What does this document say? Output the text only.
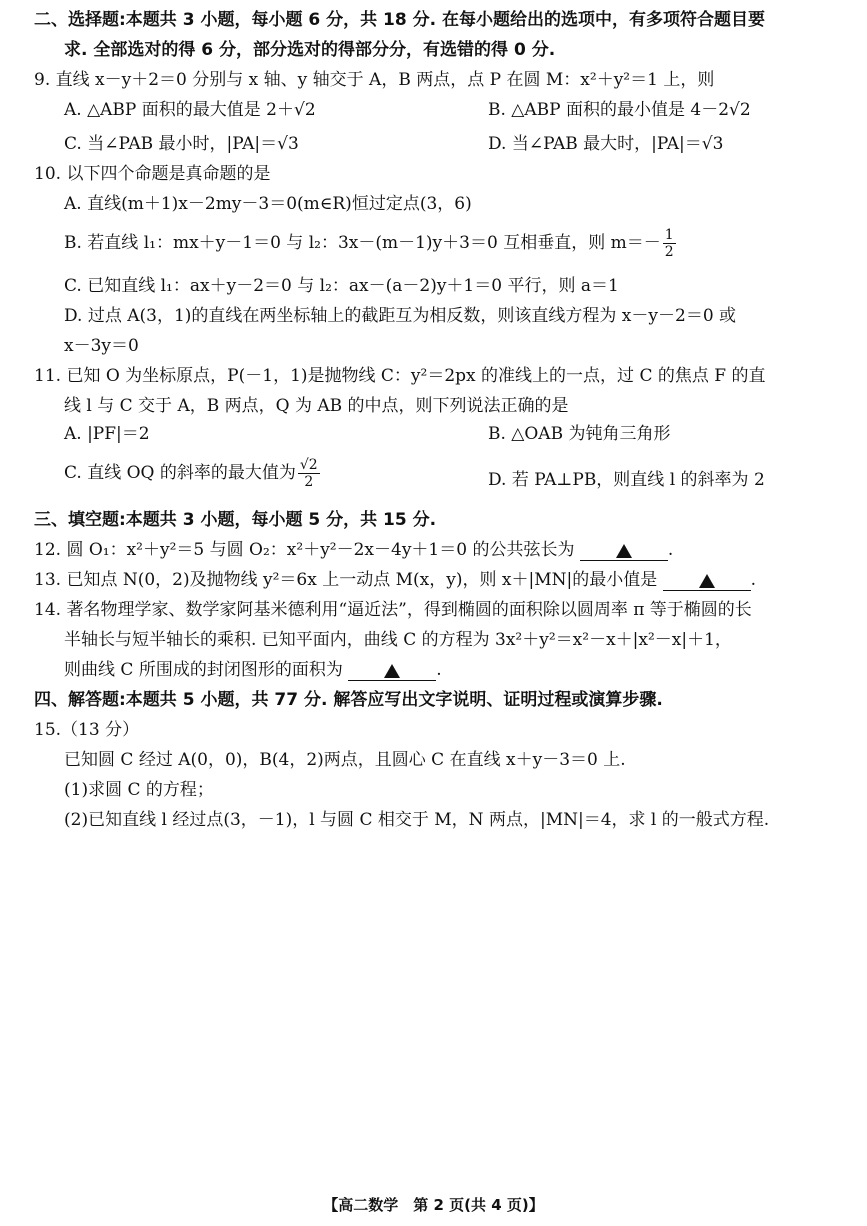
二、选择题:本题共 3 小题，每小题 6 分，共 18 分. 在每小题给出的选项中，有多项符合题目要
求. 全部选对的得 6 分，部分选对的得部分分，有选错的得 0 分.
9. 直线 x－y＋2＝0 分别与 x 轴、y 轴交于 A，B 两点，点 P 在圆 M：x²＋y²＝1 上，则
A. △ABP 面积的最大值是 2＋√2	B. △ABP 面积的最小值是 4－2√2
C. 当∠PAB 最小时，|PA|＝√3	D. 当∠PAB 最大时，|PA|＝√3
10. 以下四个命题是真命题的是
A. 直线(m＋1)x－2my－3＝0(m∈R)恒过定点(3，6)
B. 若直线 l₁：mx＋y－1＝0 与 l₂：3x－(m－1)y＋3＝0 互相垂直，则 $m=- \frac{1}{2}$
C. 已知直线 l₁：ax＋y－2＝0 与 l₂：ax－(a－2)y＋1＝0 平行，则 a＝1
D. 过点 A(3，1)的直线在两坐标轴上的截距互为相反数，则该直线方程为 x－y－2＝0 或
x－3y＝0
11. 已知 O 为坐标原点，P(－1，1)是抛物线 C：y²＝2px 的准线上的一点，过 C 的焦点 F 的直
线 l 与 C 交于 A，B 两点，Q 为 AB 的中点，则下列说法正确的是
A. |PF|＝2	B. △OAB 为钝角三角形
C. 直线 OQ 的斜率的最大值为 $\frac{√2}{2}$	D. 若 PA⊥PB，则直线 l 的斜率为 2
三、填空题:本题共 3 小题，每小题 5 分，共 15 分.
12. 圆 O₁：x²＋y²＝5 与圆 O₂：x²＋y²－2x－4y＋1＝0 的公共弦长为	.
13. 已知点 N(0，2)及抛物线 y²＝6x 上一动点 M(x，y)，则 x＋|MN|的最小值是	.
14. 著名物理学家、数学家阿基米德利用“逼近法”，得到椭圆的面积除以圆周率 π 等于椭圆的长
半轴长与短半轴长的乘积. 已知平面内，曲线 C 的方程为 3x²＋y²＝x²－x＋|x²－x|＋1，
则曲线 C 所围成的封闭图形的面积为	.
四、解答题:本题共 5 小题，共 77 分. 解答应写出文字说明、证明过程或演算步骤.
15.（13 分）
已知圆 C 经过 A(0，0)，B(4，2)两点，且圆心 C 在直线 x＋y－3＝0 上.
(1)求圆 C 的方程；
(2)已知直线 l 经过点(3，－1)，l 与圆 C 相交于 M，N 两点，|MN|＝4，求 l 的一般式方程.
【高二数学　第 2 页(共 4 页)】
